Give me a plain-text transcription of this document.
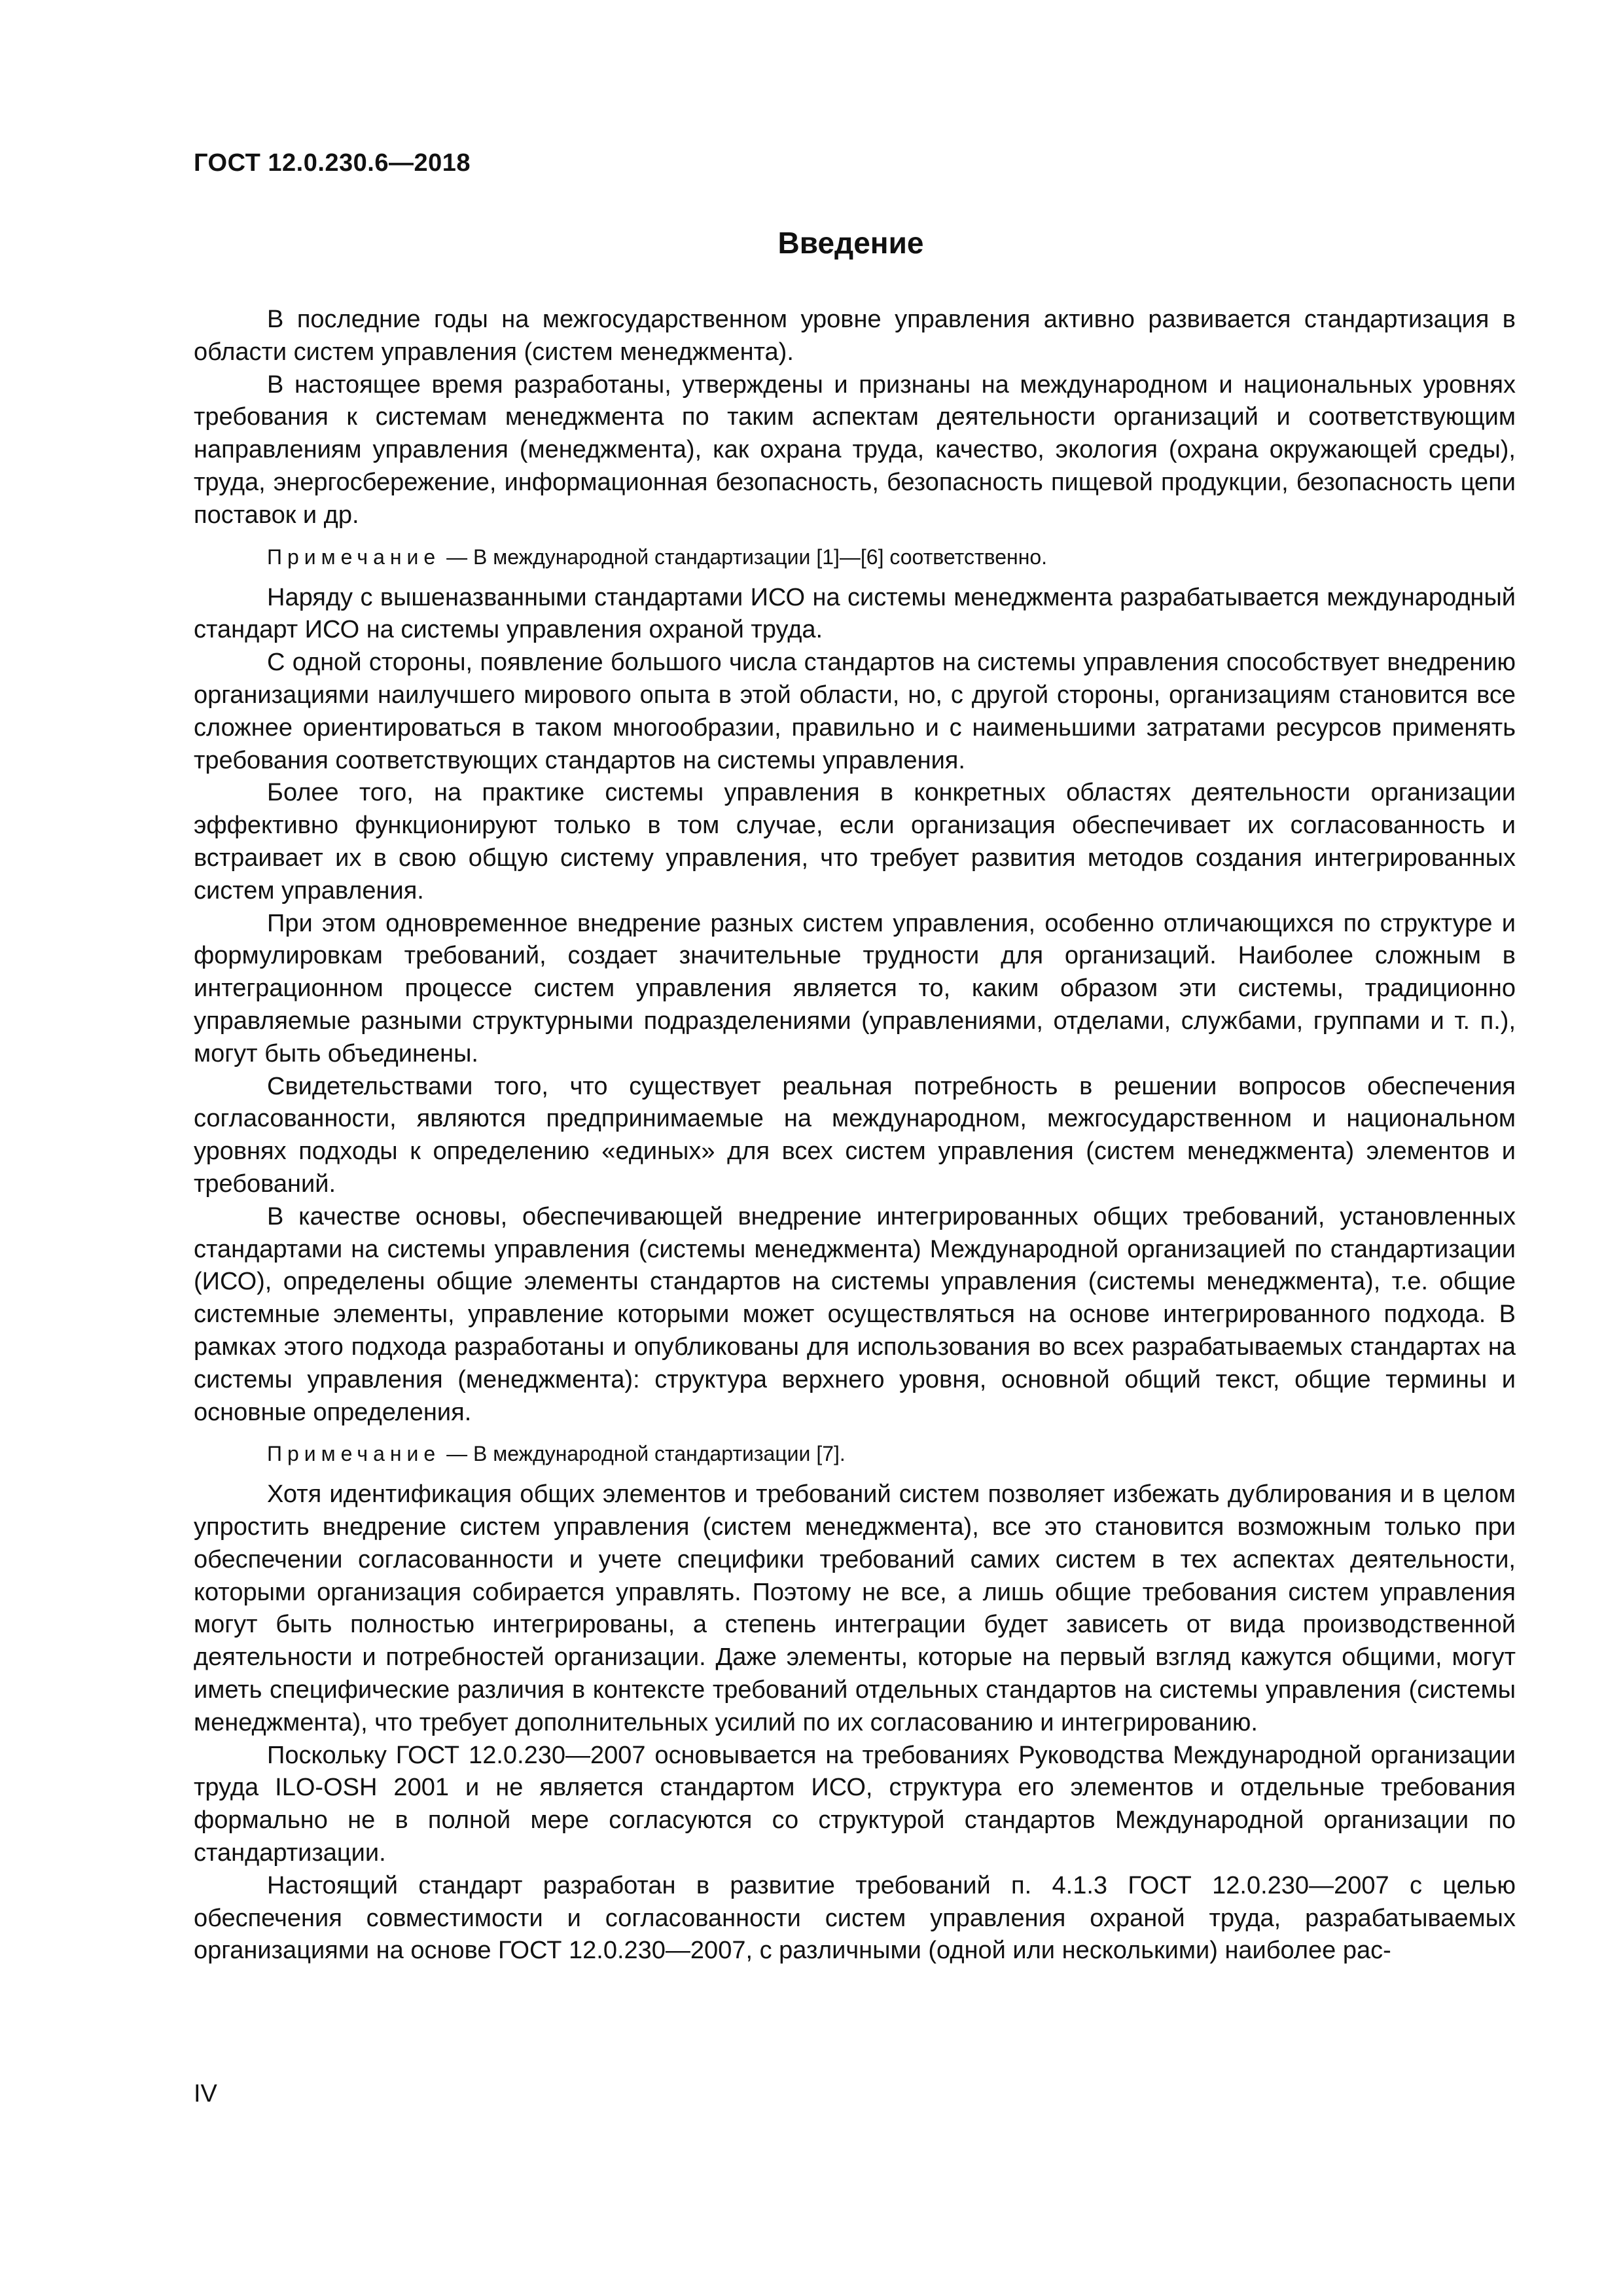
ГОСТ 12.0.230.6—2018
Введение

В последние годы на межгосударственном уровне управления активно развивается стандартизация в области систем управления (систем менеджмента).

В настоящее время разработаны, утверждены и признаны на международном и национальных уровнях требования к системам менеджмента по таким аспектам деятельности организаций и соответствующим направлениям управления (менеджмента), как охрана труда, качество, экология (охрана окружающей среды), труда, энергосбережение, информационная безопасность, безопасность пищевой продукции, безопасность цепи поставок и др.

Примечание — В международной стандартизации [1]—[6] соответственно.

Наряду с вышеназванными стандартами ИСО на системы менеджмента разрабатывается международный стандарт ИСО на системы управления охраной труда.

С одной стороны, появление большого числа стандартов на системы управления способствует внедрению организациями наилучшего мирового опыта в этой области, но, с другой стороны, организациям становится все сложнее ориентироваться в таком многообразии, правильно и с наименьшими затратами ресурсов применять требования соответствующих стандартов на системы управления.

Более того, на практике системы управления в конкретных областях деятельности организации эффективно функционируют только в том случае, если организация обеспечивает их согласованность и встраивает их в свою общую систему управления, что требует развития методов создания интегрированных систем управления.

При этом одновременное внедрение разных систем управления, особенно отличающихся по структуре и формулировкам требований, создает значительные трудности для организаций. Наиболее сложным в интеграционном процессе систем управления является то, каким образом эти системы, традиционно управляемые разными структурными подразделениями (управлениями, отделами, службами, группами и т. п.), могут быть объединены.

Свидетельствами того, что существует реальная потребность в решении вопросов обеспечения согласованности, являются предпринимаемые на международном, межгосударственном и национальном уровнях подходы к определению «единых» для всех систем управления (систем менеджмента) элементов и требований.

В качестве основы, обеспечивающей внедрение интегрированных общих требований, установленных стандартами на системы управления (системы менеджмента) Международной организацией по стандартизации (ИСО), определены общие элементы стандартов на системы управления (системы менеджмента), т.е. общие системные элементы, управление которыми может осуществляться на основе интегрированного подхода. В рамках этого подхода разработаны и опубликованы для использования во всех разрабатываемых стандартах на системы управления (менеджмента): структура верхнего уровня, основной общий текст, общие термины и основные определения.

Примечание — В международной стандартизации [7].

Хотя идентификация общих элементов и требований систем позволяет избежать дублирования и в целом упростить внедрение систем управления (систем менеджмента), все это становится возможным только при обеспечении согласованности и учете специфики требований самих систем в тех аспектах деятельности, которыми организация собирается управлять. Поэтому не все, а лишь общие требования систем управления могут быть полностью интегрированы, а степень интеграции будет зависеть от вида производственной деятельности и потребностей организации. Даже элементы, которые на первый взгляд кажутся общими, могут иметь специфические различия в контексте требований отдельных стандартов на системы управления (системы менеджмента), что требует дополнительных усилий по их согласованию и интегрированию.

Поскольку ГОСТ 12.0.230—2007 основывается на требованиях Руководства Международной организации труда ILO-OSH 2001 и не является стандартом ИСО, структура его элементов и отдельные требования формально не в полной мере согласуются со структурой стандартов Международной организации по стандартизации.

Настоящий стандарт разработан в развитие требований п. 4.1.3 ГОСТ 12.0.230—2007 с целью обеспечения совместимости и согласованности систем управления охраной труда, разрабатываемых организациями на основе ГОСТ 12.0.230—2007, с различными (одной или несколькими) наиболее рас-

IV
